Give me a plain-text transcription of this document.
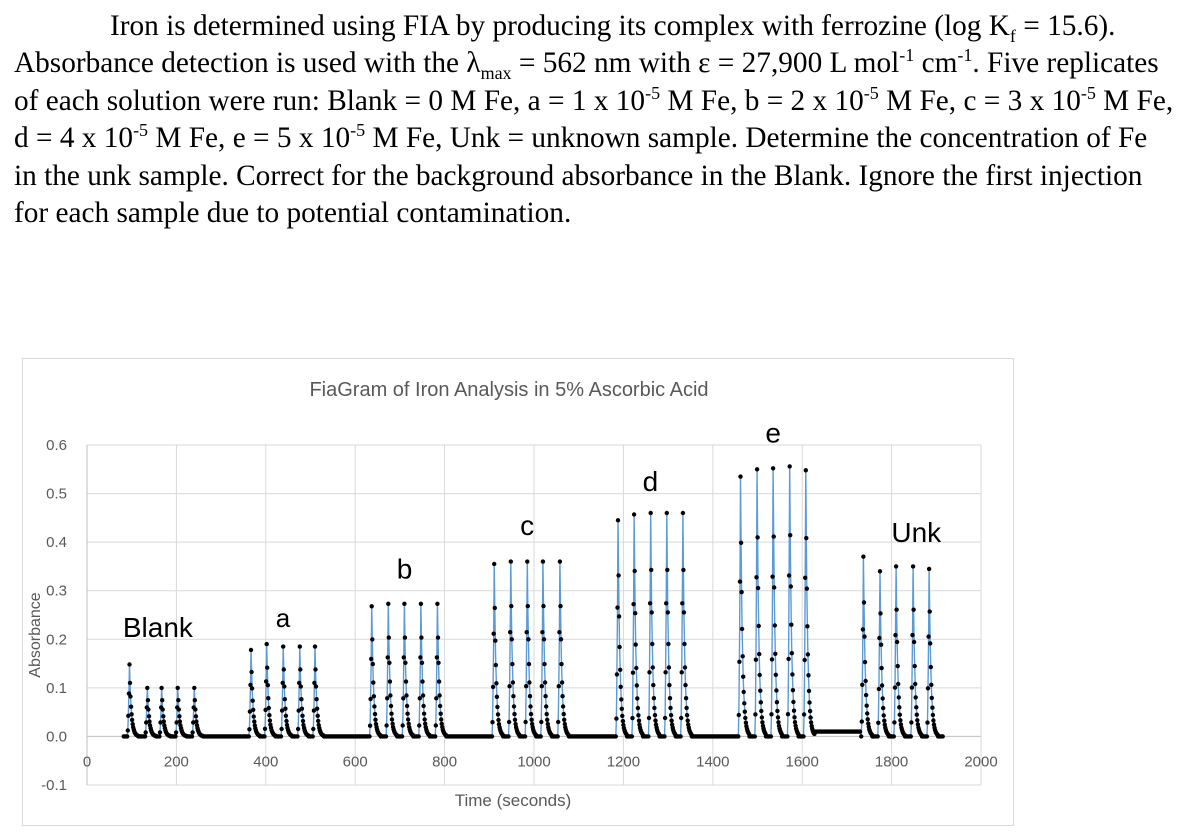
Iron is determined using FIA by producing its complex with ferrozine (log $K_f = 15.6$). Absorbance detection is used with the $\lambda_{max} = 562$ nm with ε = 27,900 L mol$^{-1}$ $cm^{-1}$. Five replicates of each solution were run: Blank = 0 M Fe, a = 1 x $10^{-5}$ M Fe, b = 2 x $10^{-5}$ M Fe, c = 3 x $10^{-5}$ M Fe, d = 4 x $10^{-5}$ M Fe, e = 5 x $10^{-5}$ M Fe, Unk = unknown sample. Determine the concentration of Fe in the unk sample. Correct for the background absorbance in the Blank. Ignore the first injection for each sample due to potential contamination.

0.6
0.5
0.4
0.3
0.2
0.1
0.0
-0.1
0	200	400	600	800	1000	1200	1400	1600	1800	2000
FiaGram of Iron Analysis in 5% Ascorbic Acid
Time (seconds)
Absorbance	Blank	a
b
c
d
e
Unk
